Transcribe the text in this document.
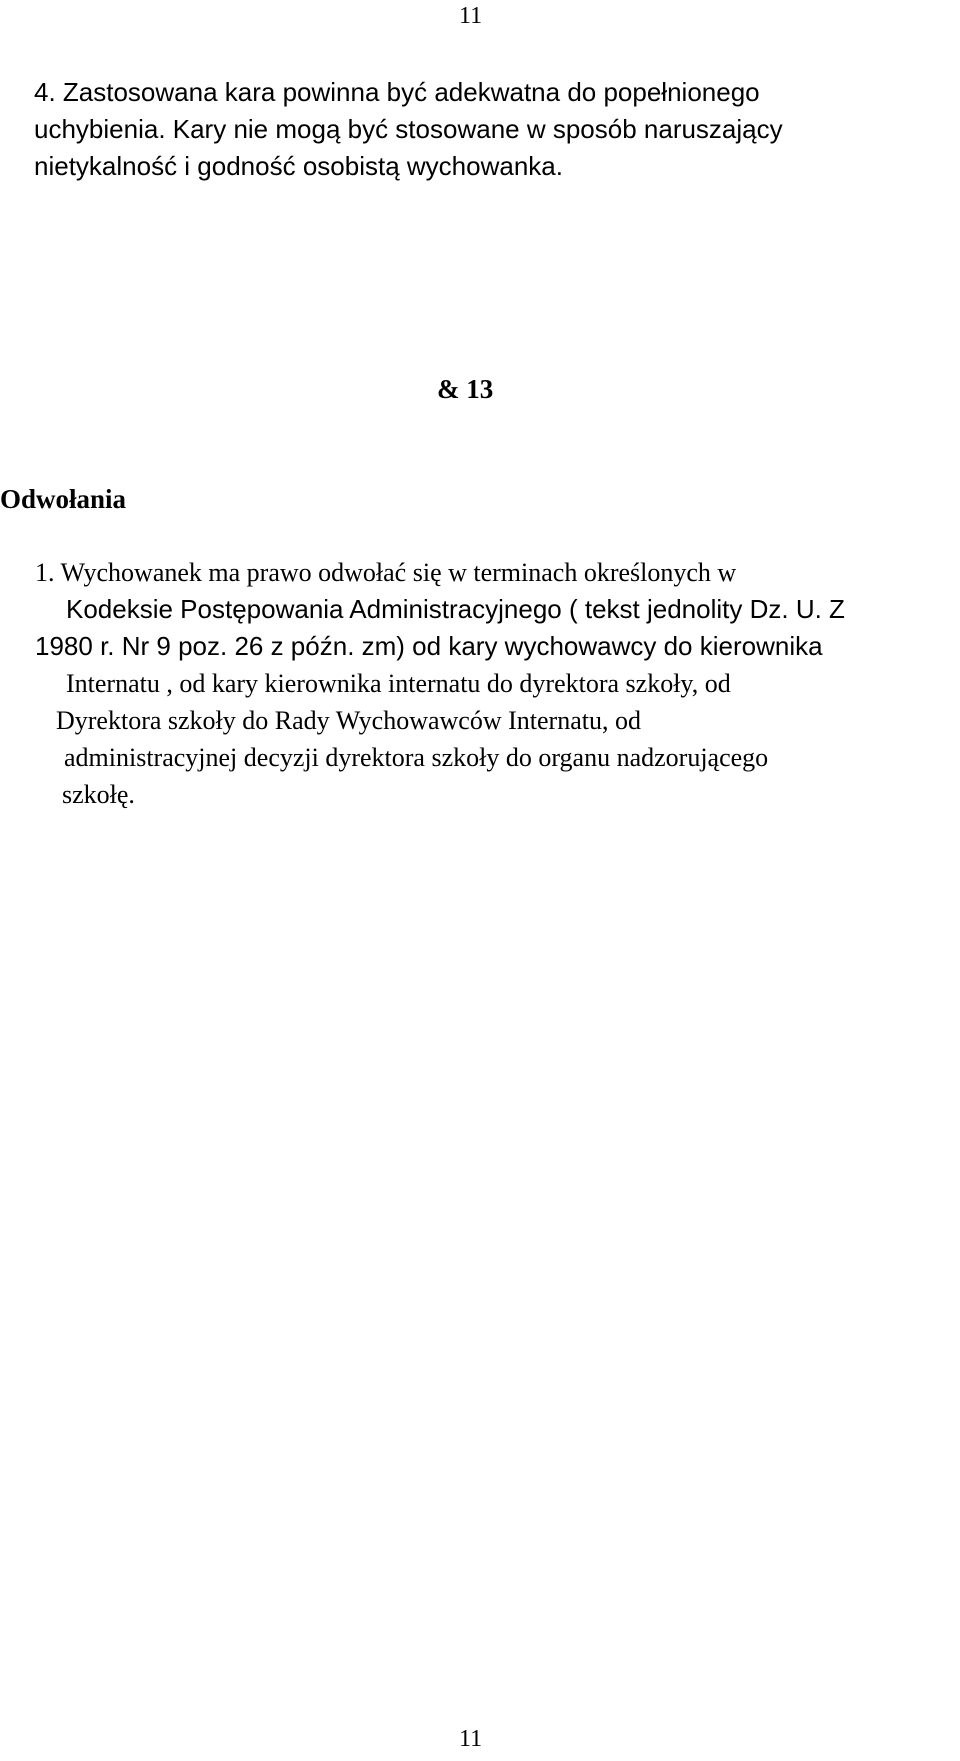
11
4. Zastosowana kara powinna być adekwatna do popełnionego
uchybienia. Kary nie mogą być stosowane w sposób naruszający
nietykalność i godność osobistą wychowanka.
& 13
Odwołania
1. Wychowanek ma prawo odwołać się w terminach określonych w
Kodeksie Postępowania Administracyjnego ( tekst jednolity Dz. U. Z
1980 r. Nr 9 poz. 26 z późn. zm) od kary wychowawcy do kierownika
Internatu , od kary kierownika internatu do dyrektora szkoły, od
Dyrektora szkoły do Rady Wychowawców Internatu, od
administracyjnej decyzji dyrektora szkoły do organu nadzorującego
szkołę.
11
